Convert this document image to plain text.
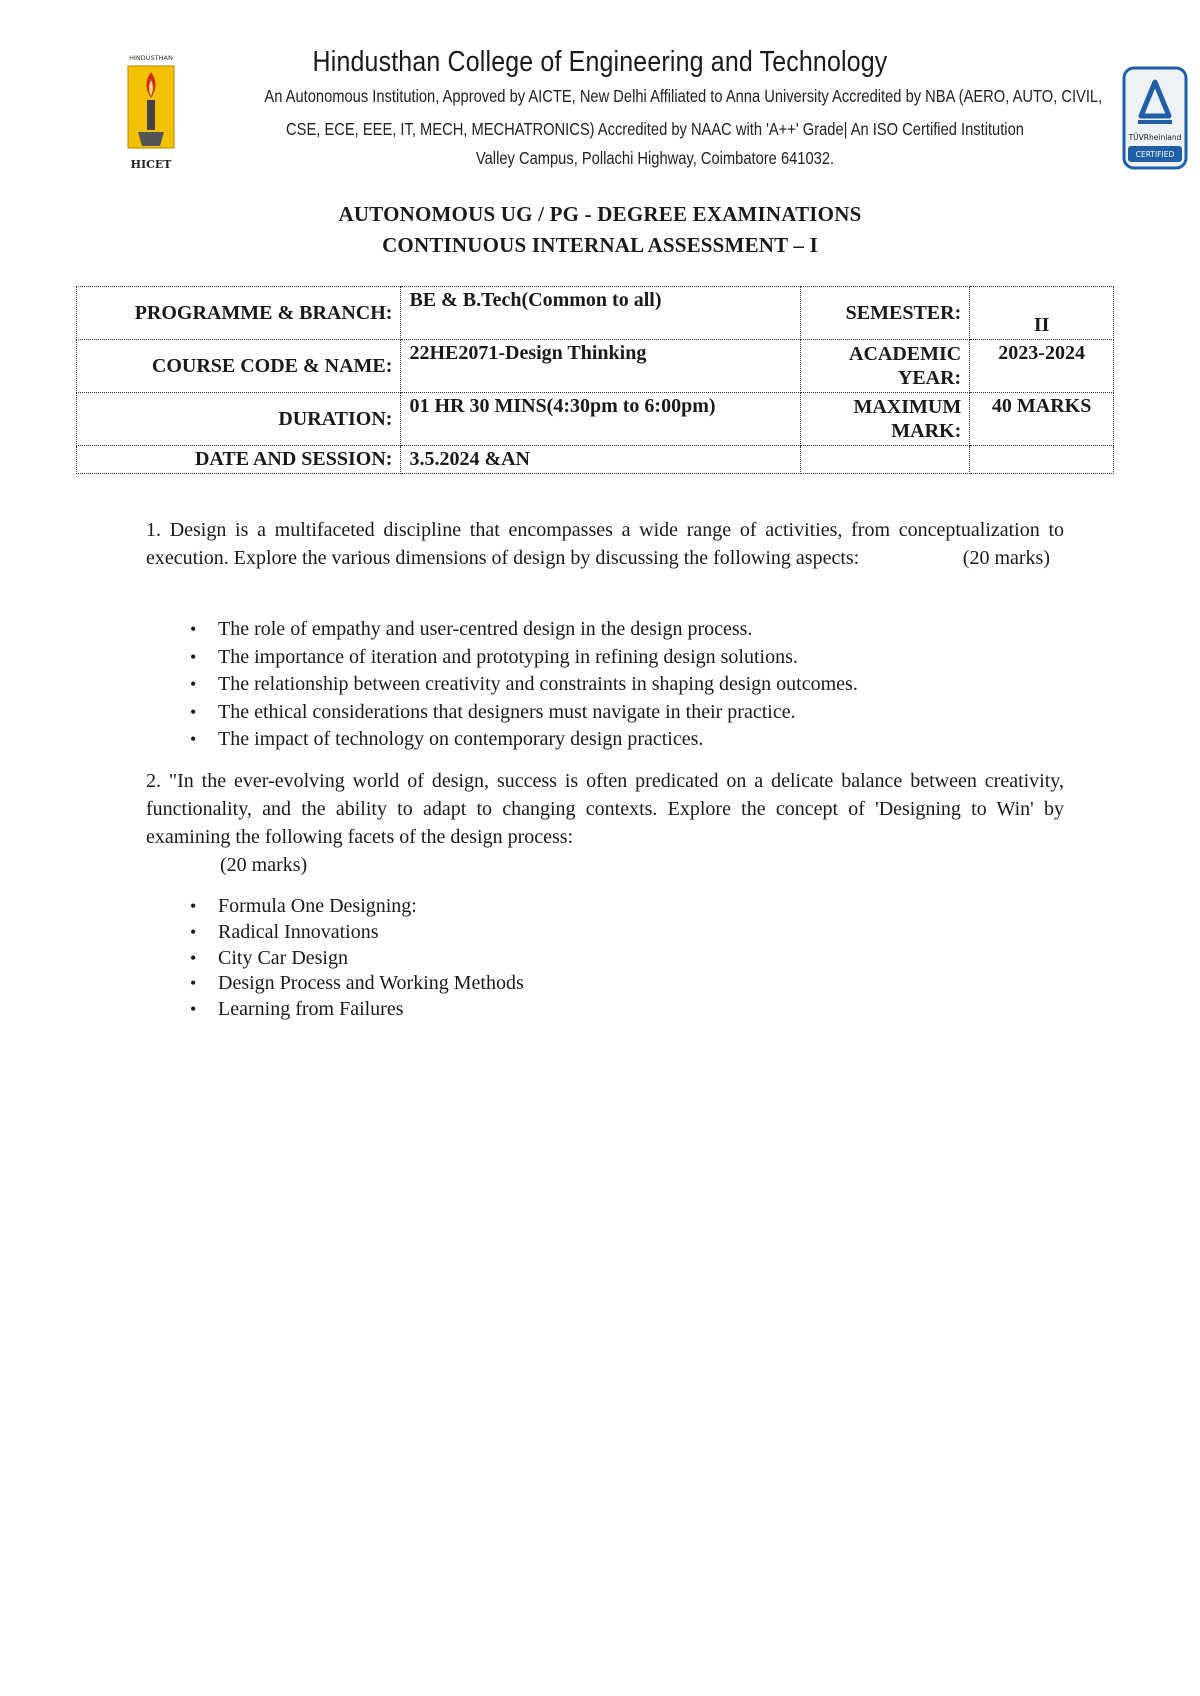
HINDUSTHAN
HICET
TÜVRheinland
CERTIFIED
Hindusthan College of Engineering and Technology
An Autonomous Institution, Approved by AICTE, New Delhi Affiliated to Anna University Accredited by NBA (AERO, AUTO, CIVIL,
CSE, ECE, EEE, IT, MECH, MECHATRONICS) Accredited by NAAC with 'A++' Grade| An ISO Certified Institution
Valley Campus, Pollachi Highway, Coimbatore 641032.
AUTONOMOUS UG / PG - DEGREE EXAMINATIONS
CONTINUOUS INTERNAL ASSESSMENT – I
PROGRAMME & BRANCH:	BE & B.Tech(Common to all)	SEMESTER:	II
COURSE CODE & NAME:	22HE2071-Design Thinking	ACADEMIC YEAR:	2023-2024
DURATION:	01 HR 30 MINS(4:30pm to 6:00pm)	MAXIMUM MARK:	40 MARKS
DATE AND SESSION:	3.5.2024 &AN		
1. Design is a multifaceted discipline that encompasses a wide range of activities, from conceptualization to execution. Explore the various dimensions of design by discussing the following aspects:	(20 marks)
• The role of empathy and user-centred design in the design process.
• The importance of iteration and prototyping in refining design solutions.
• The relationship between creativity and constraints in shaping design outcomes.
• The ethical considerations that designers must navigate in their practice.
• The impact of technology on contemporary design practices.
2. "In the ever-evolving world of design, success is often predicated on a delicate balance between creativity, functionality, and the ability to adapt to changing contexts. Explore the concept of 'Designing to Win' by examining the following facets of the design process:
(20 marks)
• Formula One Designing:
• Radical Innovations
• City Car Design
• Design Process and Working Methods
• Learning from Failures
